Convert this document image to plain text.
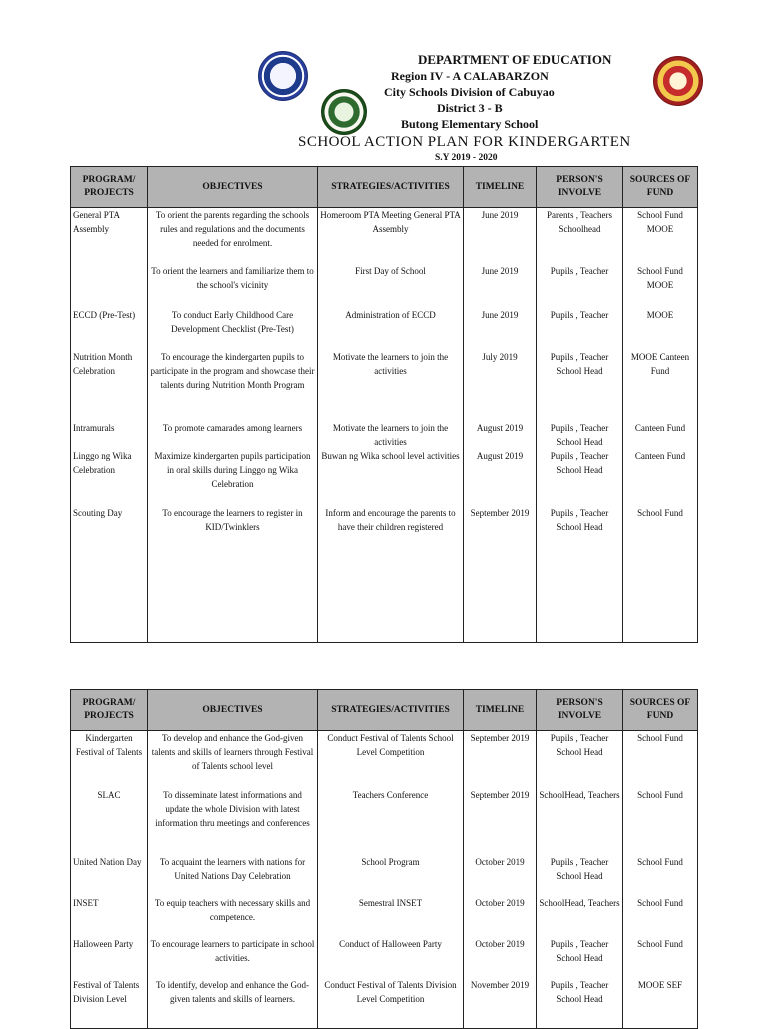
DEPARTMENT OF EDUCATION
Region IV - A CALABARZON
City Schools Division of Cabuyao
District 3 - B
Butong Elementary School
SCHOOL ACTION PLAN FOR KINDERGARTEN
S.Y 2019 - 2020
PROGRAM/ PROJECTS	OBJECTIVES	STRATEGIES/ACTIVITIES	TIMELINE	PERSON'S INVOLVE	SOURCES OF FUND
General PTA Assembly	To orient the parents regarding the schools rules and regulations and the documents needed for enrolment.	Homeroom PTA Meeting General PTA Assembly	June 2019	Parents , Teachers Schoolhead	School Fund MOOE
	To orient the learners and familiarize them to the school's vicinity	First Day of School	June 2019	Pupils , Teacher	School Fund MOOE
ECCD (Pre-Test)	To conduct Early Childhood Care Development Checklist (Pre-Test)	Administration of ECCD	June 2019	Pupils , Teacher	MOOE
Nutrition Month Celebration	To encourage the kindergarten pupils to participate in the program and showcase their talents during Nutrition Month Program	Motivate the learners to join the activities	July 2019	Pupils , Teacher School Head	MOOE Canteen Fund
Intramurals	To promote camarades among learners	Motivate the learners to join the activities	August 2019	Pupils , Teacher School Head	Canteen Fund
Linggo ng Wika Celebration	Maximize kindergarten pupils participation in oral skills during Linggo ng Wika Celebration	Buwan ng Wika school level activities	August 2019	Pupils , Teacher School Head	Canteen Fund
Scouting Day	To encourage the learners to register in KID/Twinklers	Inform and encourage the parents to have their children registered	September 2019	Pupils , Teacher School Head	School Fund

PROGRAM/ PROJECTS	OBJECTIVES	STRATEGIES/ACTIVITIES	TIMELINE	PERSON'S INVOLVE	SOURCES OF FUND
Kindergarten Festival of Talents	To develop and enhance the God-given talents and skills of learners through Festival of Talents school level	Conduct Festival of Talents School Level Competition	September 2019	Pupils , Teacher School Head	School Fund
SLAC	To disseminate latest informations and update the whole Division with latest information thru meetings and conferences	Teachers Conference	September 2019	SchoolHead, Teachers	School Fund
United Nation Day	To acquaint the learners with nations for United Nations Day Celebration	School Program	October 2019	Pupils , Teacher School Head	School Fund
INSET	To equip teachers with necessary skills and competence.	Semestral INSET	October 2019	SchoolHead, Teachers	School Fund
Halloween Party	To encourage learners to participate in school activities.	Conduct of Halloween Party	October 2019	Pupils , Teacher School Head	School Fund
Festival of Talents Division Level	To identify, develop and enhance the God-given talents and skills of learners.	Conduct Festival of Talents Division Level Competition	November 2019	Pupils , Teacher School Head	MOOE SEF
